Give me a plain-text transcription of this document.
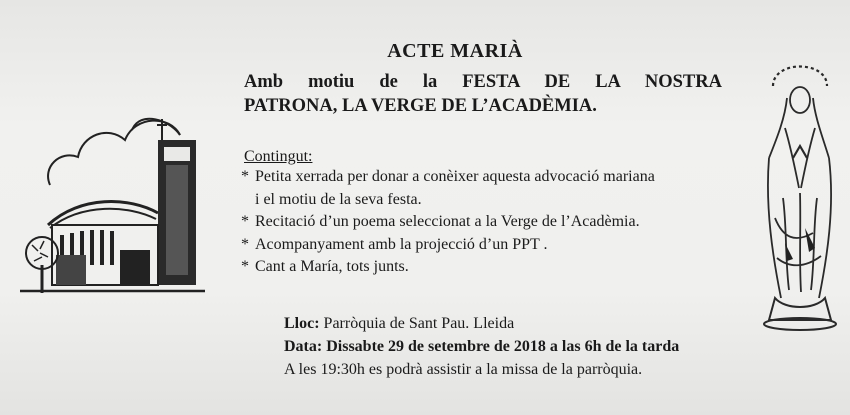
ACTE MARIÀ
Amb motiu de la FESTA DE LA NOSTRA
PATRONA, LA VERGE DE L’ACADÈMIA.
Contingut:
* Petita xerrada per donar a conèixer aquesta advocació mariana
i el motiu de la seva festa.
* Recitació d’un poema seleccionat a la Verge de l’Acadèmia.
* Acompanyament amb la projecció d’un PPT .
* Cant a María, tots junts.
Lloc: Parròquia de Sant Pau. Lleida
Data: Dissabte 29 de setembre de 2018 a las 6h de la tarda
A les 19:30h es podrà assistir a la missa de la parròquia.
